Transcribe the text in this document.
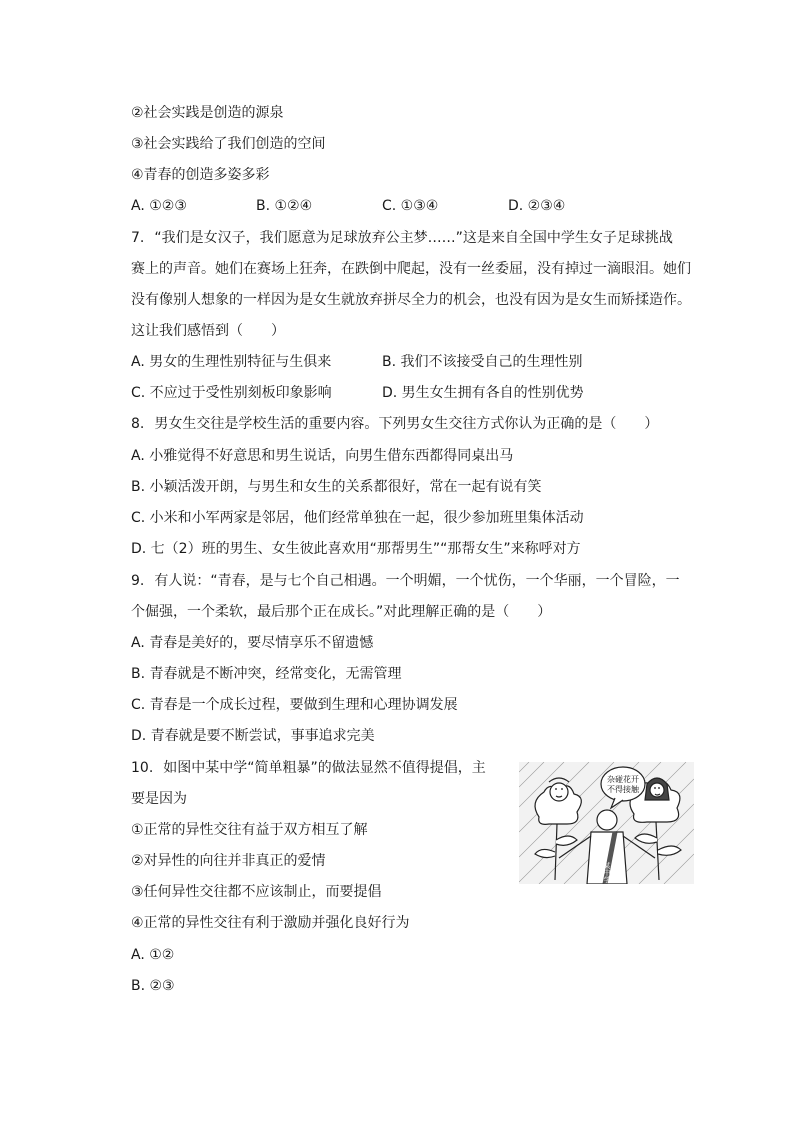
②社会实践是创造的源泉
③社会实践给了我们创造的空间
④青春的创造多姿多彩
A. ①②③	B. ①②④	C. ①③④	D. ②③④
7. “我们是女汉子，我们愿意为足球放弃公主梦……”这是来自全国中学生女子足球挑战
赛上的声音。她们在赛场上狂奔，在跌倒中爬起，没有一丝委屈，没有掉过一滴眼泪。她们
没有像别人想象的一样因为是女生就放弃拼尽全力的机会，也没有因为是女生而矫揉造作。
这让我们感悟到（　　）
A. 男女的生理性别特征与生俱来	B. 我们不该接受自己的生理性别
C. 不应过于受性别刻板印象影响	D. 男生女生拥有各自的性别优势
8. 男女生交往是学校生活的重要内容。下列男女生交往方式你认为正确的是（　　）
A. 小雅觉得不好意思和男生说话，向男生借东西都得同桌出马
B. 小颖活泼开朗，与男生和女生的关系都很好，常在一起有说有笑
C. 小米和小军两家是邻居，他们经常单独在一起，很少参加班里集体活动
D. 七（2）班的男生、女生彼此喜欢用“那帮男生”“那帮女生”来称呼对方
9. 有人说：“青春，是与七个自己相遇。一个明媚，一个忧伤，一个华丽，一个冒险，一
个倔强，一个柔软，最后那个正在成长。”对此理解正确的是（　　）
A. 青春是美好的，要尽情享乐不留遗憾
B. 青春就是不断冲突，经常变化，无需管理
C. 青春是一个成长过程，要做到生理和心理协调发展
D. 青春就是要不断尝试，事事追求完美
10. 如图中某中学“简单粗暴”的做法显然不值得提倡，主
要是因为
①正常的异性交往有益于双方相互了解
②对异性的向往并非真正的爱情
③任何异性交往都不应该制止，而要提倡
④正常的异性交往有利于激励并强化良好行为
A. ①②
B. ②③
某中学
杂碰花开
不得接触
